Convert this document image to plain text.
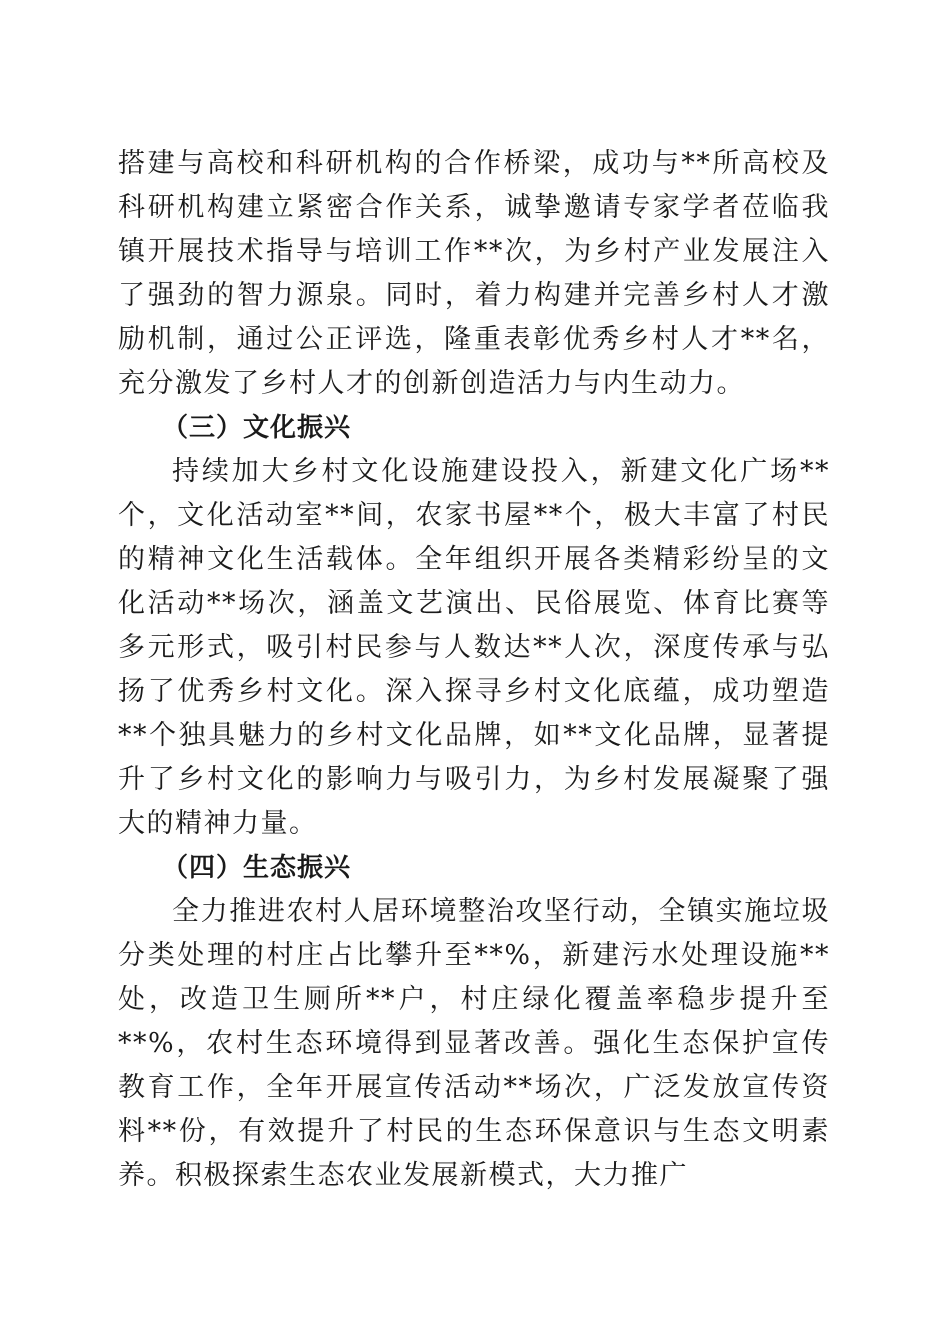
搭建与高校和科研机构的合作桥梁，成功与**所高校及科研机构建立紧密合作关系，诚挚邀请专家学者莅临我镇开展技术指导与培训工作**次，为乡村产业发展注入了强劲的智力源泉。同时，着力构建并完善乡村人才激励机制，通过公正评选，隆重表彰优秀乡村人才**名，充分激发了乡村人才的创新创造活力与内生动力。

（三）文化振兴

持续加大乡村文化设施建设投入，新建文化广场**个，文化活动室**间，农家书屋**个，极大丰富了村民的精神文化生活载体。全年组织开展各类精彩纷呈的文化活动**场次，涵盖文艺演出、民俗展览、体育比赛等多元形式，吸引村民参与人数达**人次，深度传承与弘扬了优秀乡村文化。深入探寻乡村文化底蕴，成功塑造**个独具魅力的乡村文化品牌，如**文化品牌，显著提升了乡村文化的影响力与吸引力，为乡村发展凝聚了强大的精神力量。

（四）生态振兴

全力推进农村人居环境整治攻坚行动，全镇实施垃圾分类处理的村庄占比攀升至**%，新建污水处理设施**处，改造卫生厕所**户，村庄绿化覆盖率稳步提升至**%，农村生态环境得到显著改善。强化生态保护宣传教育工作，全年开展宣传活动**场次，广泛发放宣传资料**份，有效提升了村民的生态环保意识与生态文明素养。积极探索生态农业发展新模式，大力推广
